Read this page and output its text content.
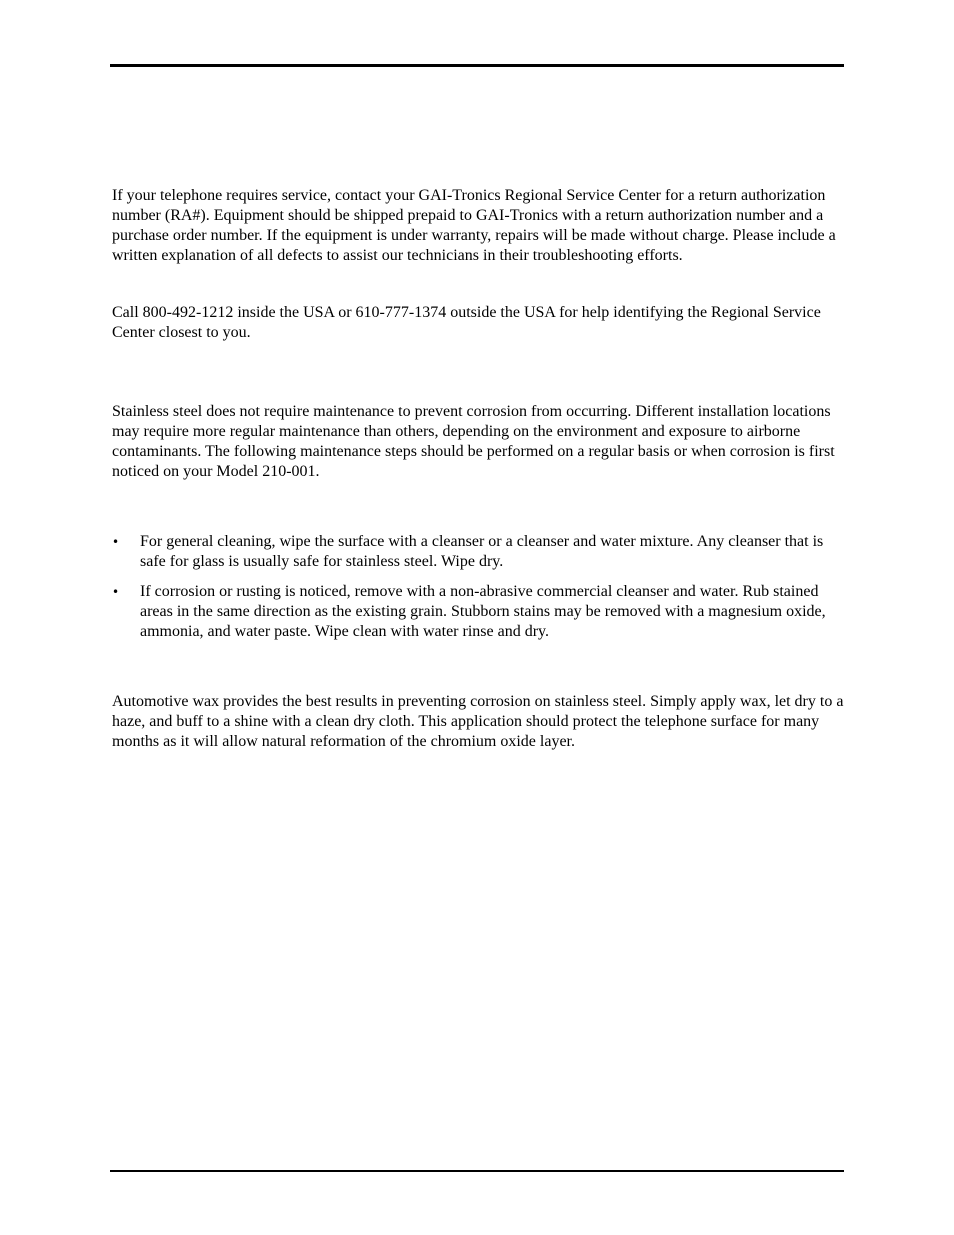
If your telephone requires service, contact your GAI-Tronics Regional Service Center for a return authorization number (RA#). Equipment should be shipped prepaid to GAI-Tronics with a return authorization number and a purchase order number. If the equipment is under warranty, repairs will be made without charge. Please include a written explanation of all defects to assist our technicians in their troubleshooting efforts.

Call 800-492-1212 inside the USA or 610-777-1374 outside the USA for help identifying the Regional Service Center closest to you.

Stainless steel does not require maintenance to prevent corrosion from occurring. Different installation locations may require more regular maintenance than others, depending on the environment and exposure to airborne contaminants. The following maintenance steps should be performed on a regular basis or when corrosion is first noticed on your Model 210-001.

•	For general cleaning, wipe the surface with a cleanser or a cleanser and water mixture. Any cleanser that is safe for glass is usually safe for stainless steel. Wipe dry.
•	If corrosion or rusting is noticed, remove with a non-abrasive commercial cleanser and water. Rub stained areas in the same direction as the existing grain. Stubborn stains may be removed with a magnesium oxide, ammonia, and water paste. Wipe clean with water rinse and dry.

Automotive wax provides the best results in preventing corrosion on stainless steel. Simply apply wax, let dry to a haze, and buff to a shine with a clean dry cloth. This application should protect the telephone surface for many months as it will allow natural reformation of the chromium oxide layer.
